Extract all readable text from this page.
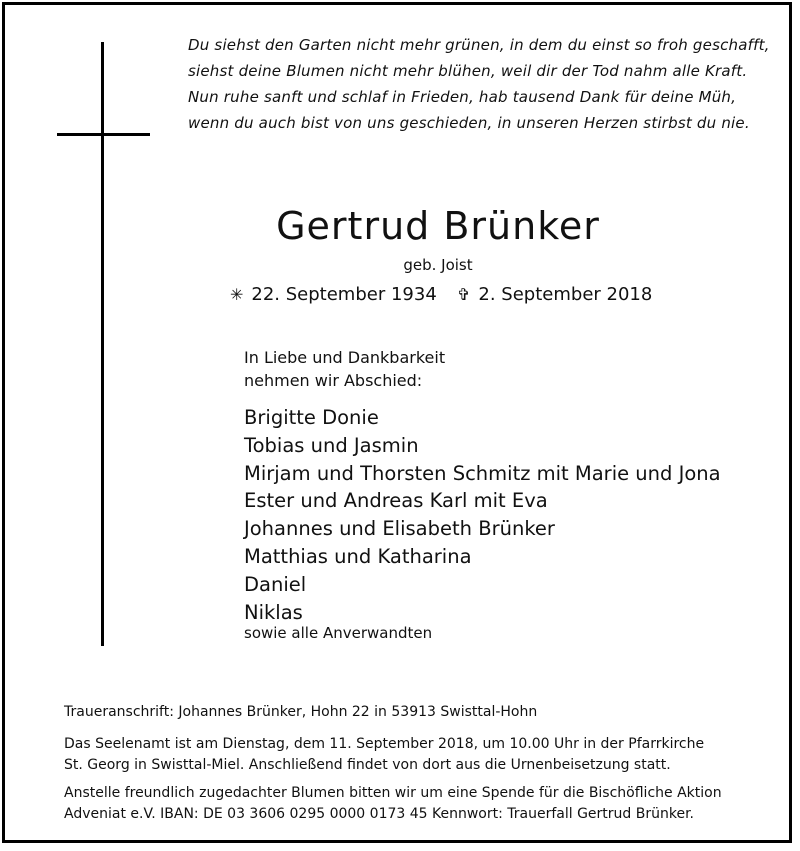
Du siehst den Garten nicht mehr grünen, in dem du einst so froh geschafft,
siehst deine Blumen nicht mehr blühen, weil dir der Tod nahm alle Kraft.
Nun ruhe sanft und schlaf in Frieden, hab tausend Dank für deine Müh,
wenn du auch bist von uns geschieden, in unseren Herzen stirbst du nie.
Gertrud Brünker
geb. Joist
✳ 22. September 1934 ✞ 2. September 2018
In Liebe und Dankbarkeit
nehmen wir Abschied:
Brigitte Donie
Tobias und Jasmin
Mirjam und Thorsten Schmitz mit Marie und Jona
Ester und Andreas Karl mit Eva
Johannes und Elisabeth Brünker
Matthias und Katharina
Daniel
Niklas
sowie alle Anverwandten
Traueranschrift: Johannes Brünker, Hohn 22 in 53913 Swisttal-Hohn
Das Seelenamt ist am Dienstag, dem 11. September 2018, um 10.00 Uhr in der Pfarrkirche
St. Georg in Swisttal-Miel. Anschließend findet von dort aus die Urnenbeisetzung statt.
Anstelle freundlich zugedachter Blumen bitten wir um eine Spende für die Bischöfliche Aktion
Adveniat e.V. IBAN: DE 03 3606 0295 0000 0173 45 Kennwort: Trauerfall Gertrud Brünker.
